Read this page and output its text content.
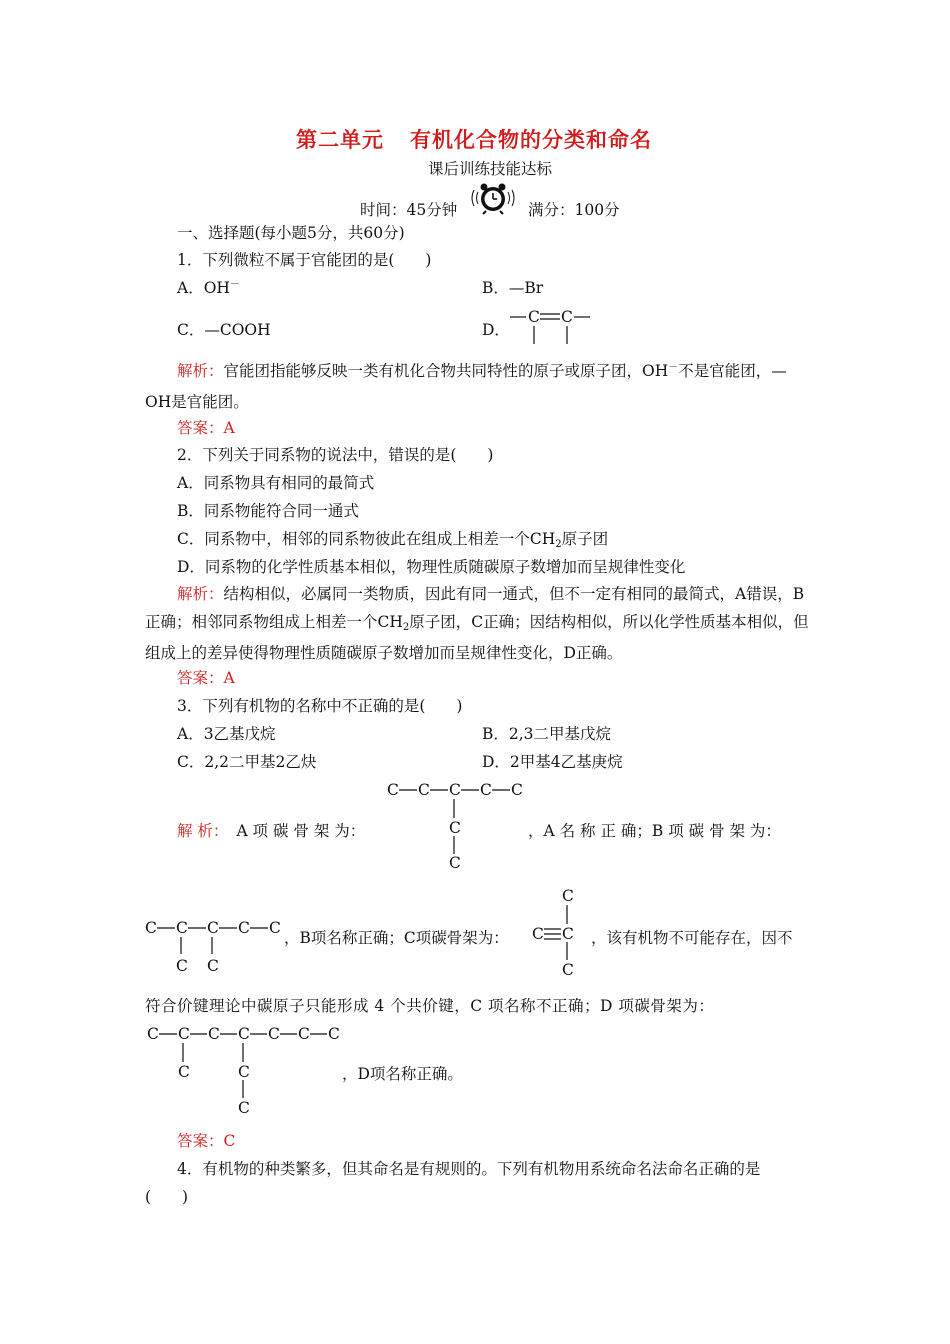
第二单元 有机化合物的分类和命名
课后训练技能达标
时间：45分钟	满分：100分
一、选择题(每小题5分，共60分)
1．下列微粒不属于官能团的是(　　)
A．OH－	B．—Br
C．—COOH	D．
C C
解析：官能团指能够反映一类有机化合物共同特性的原子或原子团，OH－不是官能团，—OH是官能团。
答案：A
2．下列关于同系物的说法中，错误的是(　　)
A．同系物具有相同的最简式
B．同系物能符合同一通式
C．同系物中，相邻的同系物彼此在组成上相差一个CH2原子团
D．同系物的化学性质基本相似，物理性质随碳原子数增加而呈规律性变化
解析：结构相似，必属同一类物质，因此有同一通式，但不一定有相同的最简式，A错误，B正确；相邻同系物组成上相差一个CH2原子团，C正确；因结构相似，所以化学性质基本相似，但组成上的差异使得物理性质随碳原子数增加而呈规律性变化，D正确。
答案：A
3．下列有机物的名称中不正确的是(　　)
A．3乙基戊烷	B．2,3二甲基戊烷
C．2,2二甲基2乙炔	D．2甲基4乙基庚烷
C C C C C
C
C
解 析： A 项 碳 骨 架 为：	，A 名 称 正 确；B 项 碳 骨 架 为：
C C C C C
C C
，B项名称正确；C项碳骨架为：
C
C C
C
，该有机物不可能存在，因不
符合价键理论中碳原子只能形成 4 个共价键，C 项名称不正确；D 项碳骨架为：
C C C C C C C
C	C
C
，D项名称正确。
答案：C
4．有机物的种类繁多，但其命名是有规则的。下列有机物用系统命名法命名正确的是
(　　)
